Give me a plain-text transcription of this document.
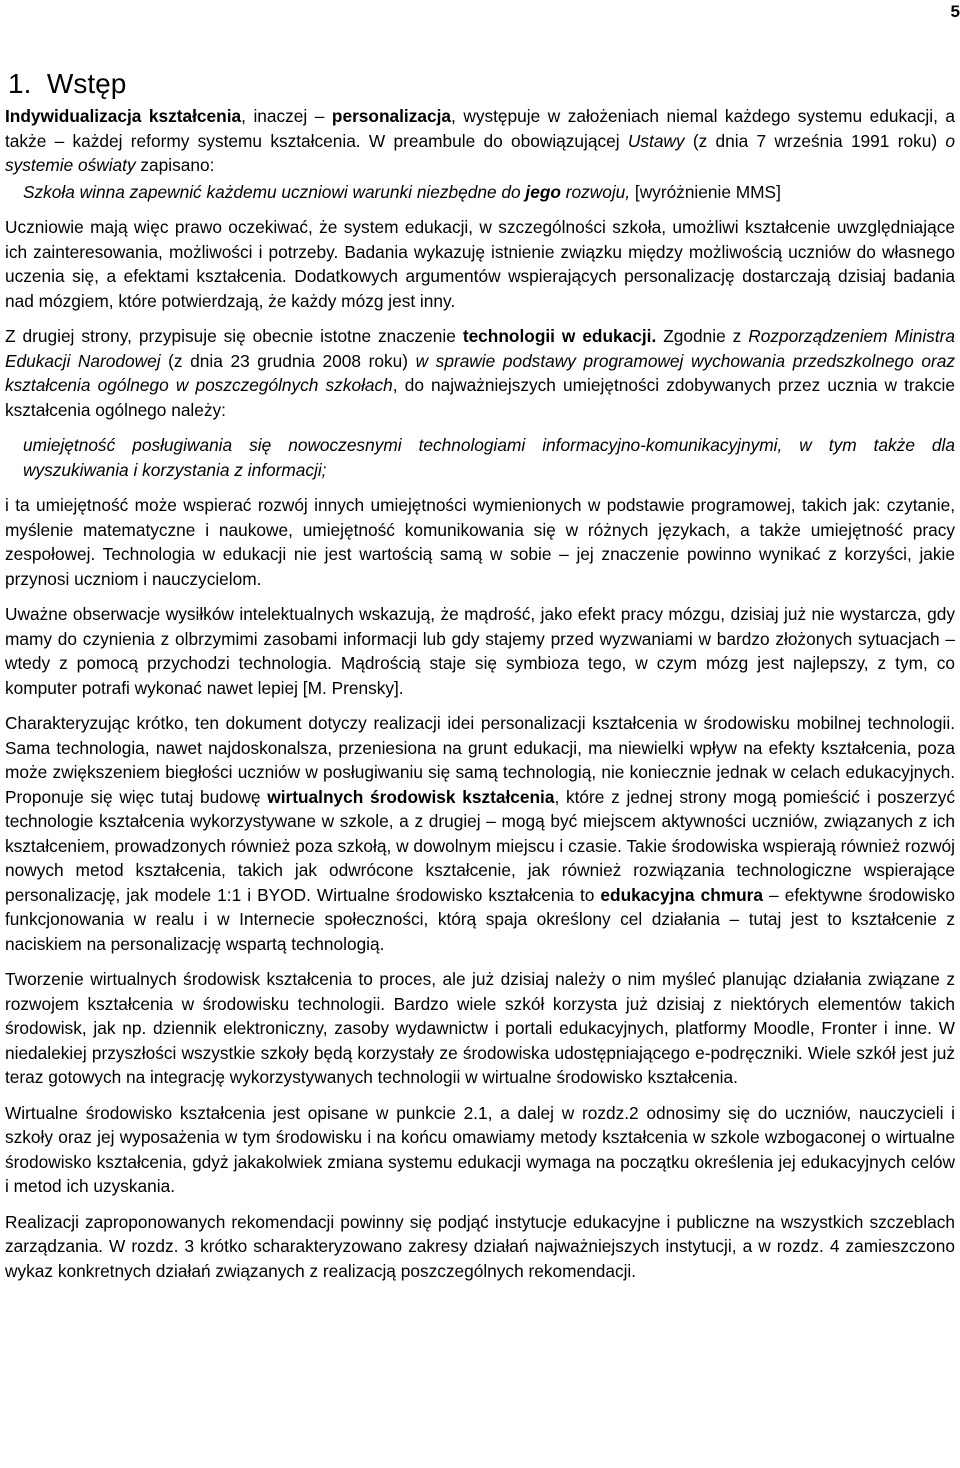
5
1.  Wstęp

Indywidualizacja kształcenia, inaczej – personalizacja, występuje w założeniach niemal każdego systemu edukacji, a także – każdej reformy systemu kształcenia. W preambule do obowiązującej Ustawy (z dnia 7 września 1991 roku) o systemie oświaty zapisano:

Szkoła winna zapewnić każdemu uczniowi warunki niezbędne do jego rozwoju, [wyróżnienie MMS]

Uczniowie mają więc prawo oczekiwać, że system edukacji, w szczególności szkoła, umożliwi kształcenie uwzględniające ich zainteresowania, możliwości i potrzeby. Badania wykazuję istnienie związku między możliwością uczniów do własnego uczenia się, a efektami kształcenia. Dodatkowych argumentów wspierających personalizację dostarczają dzisiaj badania nad mózgiem, które potwierdzają, że każdy mózg jest inny.

Z drugiej strony, przypisuje się obecnie istotne znaczenie technologii w edukacji. Zgodnie z Rozporządzeniem Ministra Edukacji Narodowej (z dnia 23 grudnia 2008 roku) w sprawie podstawy programowej wychowania przedszkolnego oraz kształcenia ogólnego w poszczególnych szkołach, do najważniejszych umiejętności zdobywanych przez ucznia w trakcie kształcenia ogólnego należy:

umiejętność posługiwania się nowoczesnymi technologiami informacyjno-komunikacyjnymi, w tym także dla wyszukiwania i korzystania z informacji;

i ta umiejętność może wspierać rozwój innych umiejętności wymienionych w podstawie programowej, takich jak: czytanie, myślenie matematyczne i naukowe, umiejętność komunikowania się w różnych językach, a także umiejętność pracy zespołowej. Technologia w edukacji nie jest wartością samą w sobie – jej znaczenie powinno wynikać z korzyści, jakie przynosi uczniom i nauczycielom.

Uważne obserwacje wysiłków intelektualnych wskazują, że mądrość, jako efekt pracy mózgu, dzisiaj już nie wystarcza, gdy mamy do czynienia z olbrzymimi zasobami informacji lub gdy stajemy przed wyzwaniami w bardzo złożonych sytuacjach – wtedy z pomocą przychodzi technologia. Mądrością staje się symbioza tego, w czym mózg jest najlepszy, z tym, co komputer potrafi wykonać nawet lepiej [M. Prensky].

Charakteryzując krótko, ten dokument dotyczy realizacji idei personalizacji kształcenia w środowisku mobilnej technologii. Sama technologia, nawet najdoskonalsza, przeniesiona na grunt edukacji, ma niewielki wpływ na efekty kształcenia, poza może zwiększeniem biegłości uczniów w posługiwaniu się samą technologią, nie koniecznie jednak w celach edukacyjnych. Proponuje się więc tutaj budowę wirtualnych środowisk kształcenia, które z jednej strony mogą pomieścić i poszerzyć technologie kształcenia wykorzystywane w szkole, a z drugiej – mogą być miejscem aktywności uczniów, związanych z ich kształceniem, prowadzonych również poza szkołą, w dowolnym miejscu i czasie. Takie środowiska wspierają również rozwój nowych metod kształcenia, takich jak odwrócone kształcenie, jak również rozwiązania technologiczne wspierające personalizację, jak modele 1:1 i BYOD. Wirtualne środowisko kształcenia to edukacyjna chmura – efektywne środowisko funkcjonowania w realu i w Internecie społeczności, którą spaja określony cel działania – tutaj jest to kształcenie z naciskiem na personalizację wspartą technologią.

Tworzenie wirtualnych środowisk kształcenia to proces, ale już dzisiaj należy o nim myśleć planując działania związane z rozwojem kształcenia w środowisku technologii. Bardzo wiele szkół korzysta już dzisiaj z niektórych elementów takich środowisk, jak np. dziennik elektroniczny, zasoby wydawnictw i portali edukacyjnych, platformy Moodle, Fronter i inne. W niedalekiej przyszłości wszystkie szkoły będą korzystały ze środowiska udostępniającego e-podręczniki. Wiele szkół jest już teraz gotowych na integrację wykorzystywanych technologii w wirtualne środowisko kształcenia.

Wirtualne środowisko kształcenia jest opisane w punkcie 2.1, a dalej w rozdz.2 odnosimy się do uczniów, nauczycieli i szkoły oraz jej wyposażenia w tym środowisku i na końcu omawiamy metody kształcenia w szkole wzbogaconej o wirtualne środowisko kształcenia, gdyż jakakolwiek zmiana systemu edukacji wymaga na początku określenia jej edukacyjnych celów i metod ich uzyskania.

Realizacji zaproponowanych rekomendacji powinny się podjąć instytucje edukacyjne i publiczne na wszystkich szczeblach zarządzania. W rozdz. 3 krótko scharakteryzowano zakresy działań najważniejszych instytucji, a w rozdz. 4 zamieszczono wykaz konkretnych działań związanych z realizacją poszczególnych rekomendacji.
